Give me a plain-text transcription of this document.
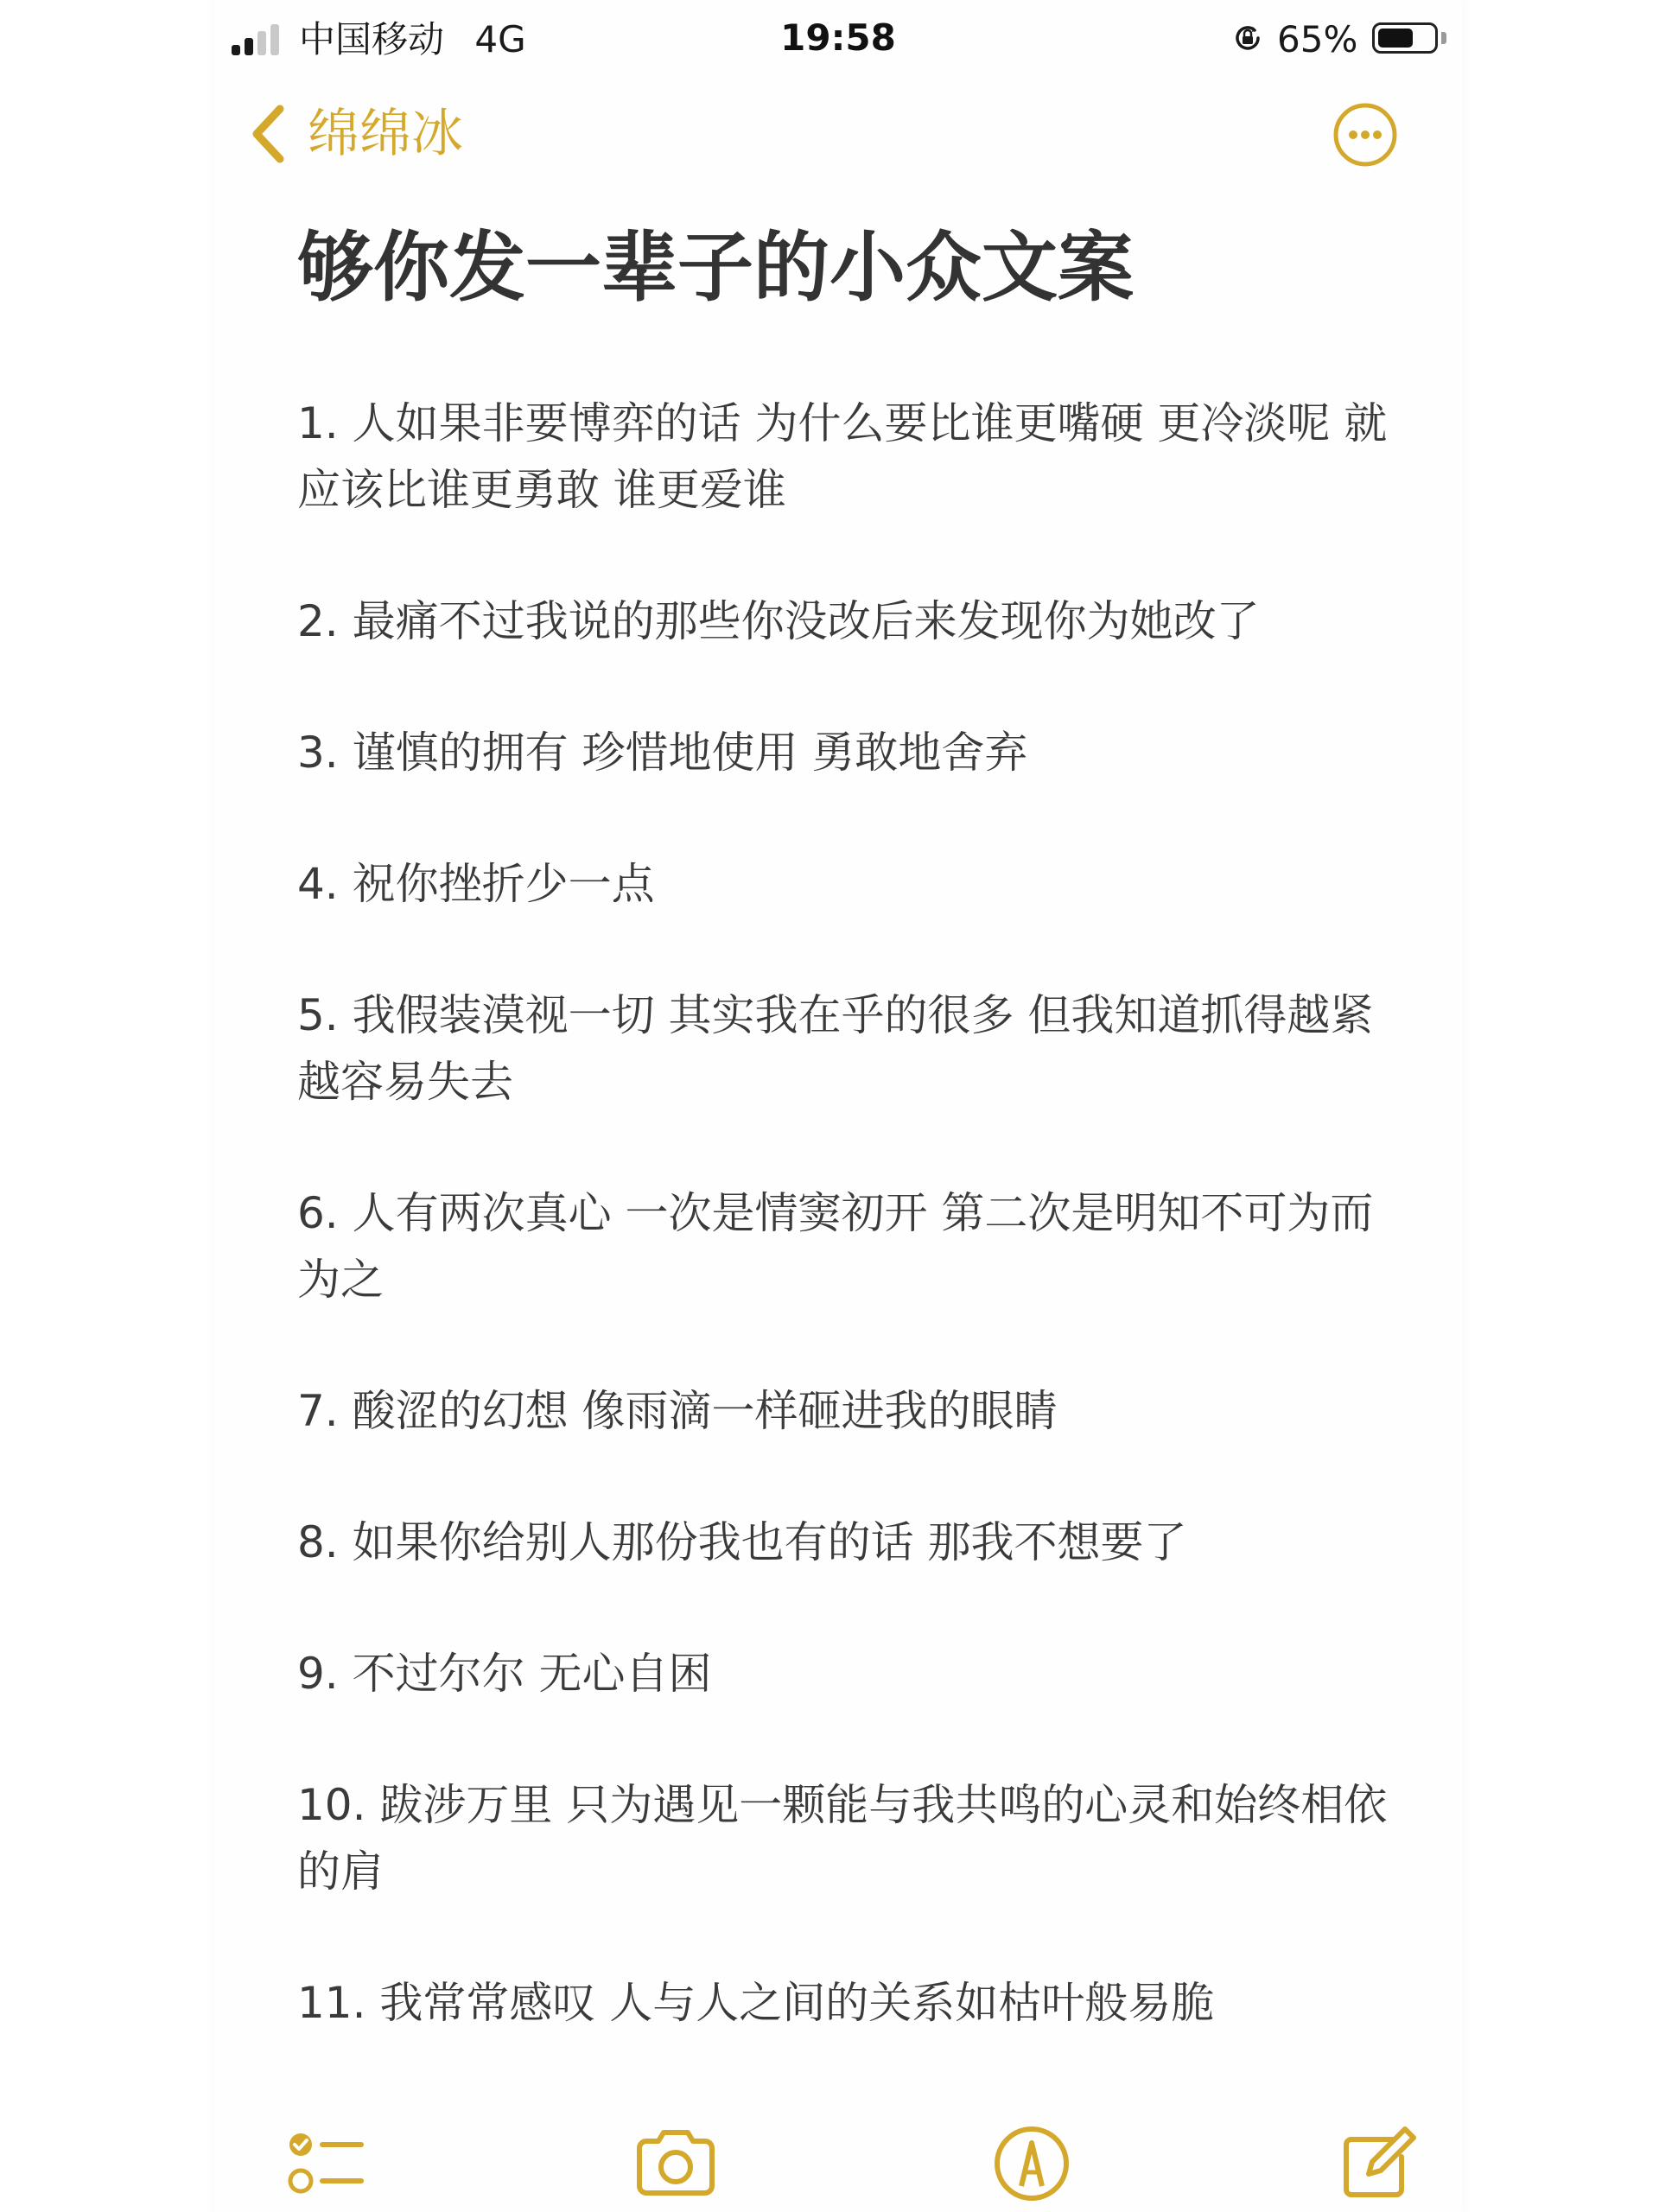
中国移动 4G	19:58	65%
绵绵冰
够你发一辈子的小众文案
1. 人如果非要博弈的话 为什么要比谁更嘴硬 更冷淡呢 就应该比谁更勇敢 谁更爱谁
2. 最痛不过我说的那些你没改后来发现你为她改了
3. 谨慎的拥有 珍惜地使用 勇敢地舍弃
4. 祝你挫折少一点
5. 我假装漠视一切 其实我在乎的很多 但我知道抓得越紧越容易失去
6. 人有两次真心 一次是情窦初开 第二次是明知不可为而为之
7. 酸涩的幻想 像雨滴一样砸进我的眼睛
8. 如果你给别人那份我也有的话 那我不想要了
9. 不过尔尔 无心自困
10. 跋涉万里 只为遇见一颗能与我共鸣的心灵和始终相依的肩
11. 我常常感叹 人与人之间的关系如枯叶般易脆
